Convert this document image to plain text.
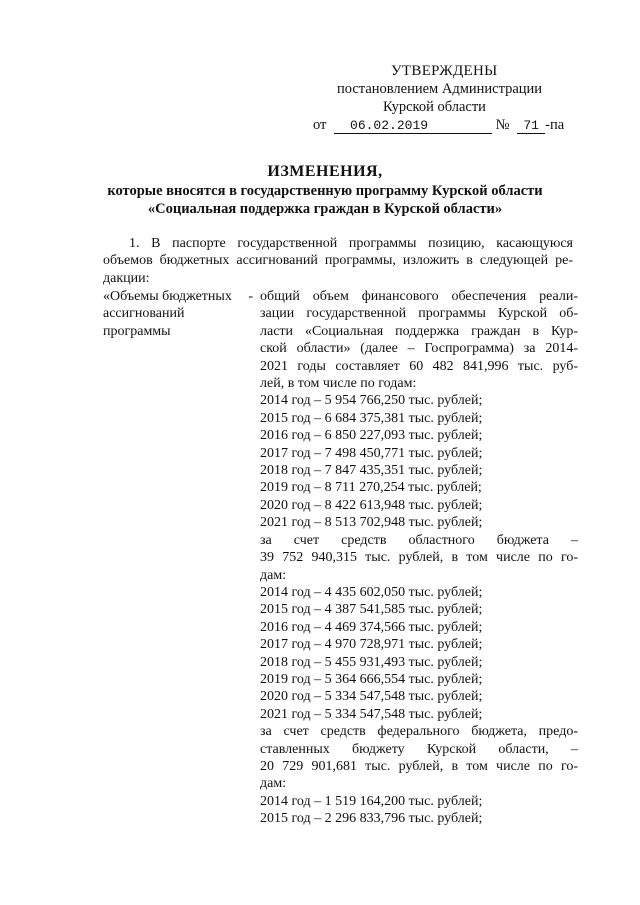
УТВЕРЖДЕНЫ
постановлением Администрации
Курской области
от 06.02.2019	№ 71 -па
ИЗМЕНЕНИЯ,
которые вносятся в государственную программу Курской области
«Социальная поддержка граждан в Курской области»
1. В паспорте государственной программы позицию, касающуюся
объемов бюджетных ассигнований программы, изложить в следующей ре-
дакции:
«Объемы бюджетных -
ассигнований
программы
общий объем финансового обеспечения реали-
зации государственной программы Курской об-
ласти «Социальная поддержка граждан в Кур-
ской области» (далее – Госпрограмма) за 2014-
2021 годы составляет 60 482 841,996 тыс. руб-
лей, в том числе по годам:
2014 год – 5 954 766,250 тыс. рублей;
2015 год – 6 684 375,381 тыс. рублей;
2016 год – 6 850 227,093 тыс. рублей;
2017 год – 7 498 450,771 тыс. рублей;
2018 год – 7 847 435,351 тыс. рублей;
2019 год – 8 711 270,254 тыс. рублей;
2020 год – 8 422 613,948 тыс. рублей;
2021 год – 8 513 702,948 тыс. рублей;
за счет средств областного бюджета –
39 752 940,315 тыс. рублей, в том числе по го-
дам:
2014 год – 4 435 602,050 тыс. рублей;
2015 год – 4 387 541,585 тыс. рублей;
2016 год – 4 469 374,566 тыс. рублей;
2017 год – 4 970 728,971 тыс. рублей;
2018 год – 5 455 931,493 тыс. рублей;
2019 год – 5 364 666,554 тыс. рублей;
2020 год – 5 334 547,548 тыс. рублей;
2021 год – 5 334 547,548 тыс. рублей;
за счет средств федерального бюджета, предо-
ставленных бюджету Курской области, –
20 729 901,681 тыс. рублей, в том числе по го-
дам:
2014 год – 1 519 164,200 тыс. рублей;
2015 год – 2 296 833,796 тыс. рублей;
